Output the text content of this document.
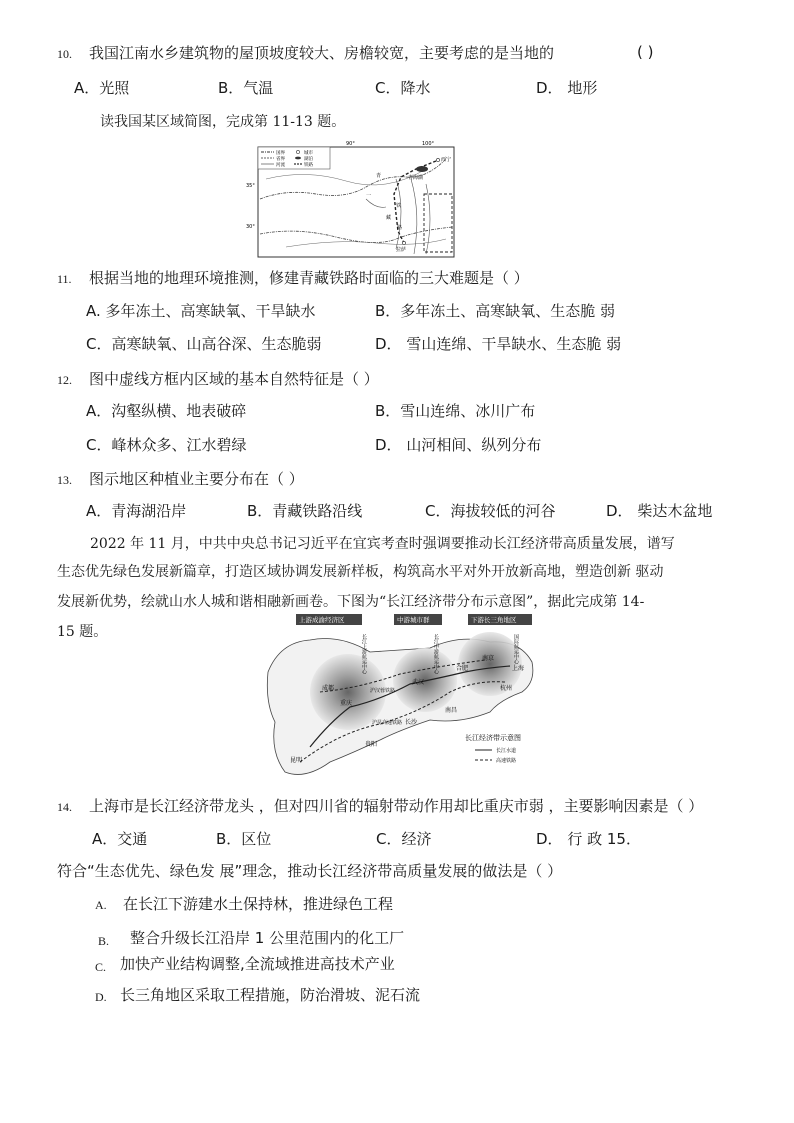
10. 我国江南水乡建筑物的屋顶坡度较大、房檐较宽，主要考虑的是当地的	( )
A．光照	B．气温	C．降水	D． 地形
读我国某区域简图，完成第 11-13 题。
国界
省界
河流
城市
湖泊
铁路
90°	100°
35°
30°
西宁
青海湖
青
一
藏
铁
路
拉萨
11. 根据当地的地理环境推测，修建青藏铁路时面临的三大难题是（ ）
A. 多年冻土、高寒缺氧、干旱缺水	B．多年冻土、高寒缺氧、生态脆 弱
C．高寒缺氧、山高谷深、生态脆弱	D． 雪山连绵、干旱缺水、生态脆 弱
12. 图中虚线方框内区域的基本自然特征是（ ）
A．沟壑纵横、地表破碎	B．雪山连绵、冰川广布
C．峰林众多、江水碧绿	D． 山河相间、纵列分布
13. 图示地区种植业主要分布在（ ）
A．青海湖沿岸	B．青藏铁路沿线	C．海拔较低的河谷	D． 柴达木盆地
2022 年 11 月，中共中央总书记习近平在宜宾考查时强调要推动长江经济带高质量发展，谱写
生态优先绿色发展新篇章，打造区域协调发展新样板，构筑高水平对外开放新高地，塑造创新 驱动
发展新优势，绘就山水人城和谐相融新画卷。下图为“长江经济带分布示意图”，据此完成第 14-
15 题。
上游成渝经济区	中游城市群	下游长三角地区
成都
重庆
武汉
长沙
南昌
合肥
南京
上海
杭州
昆明
贵阳
长江上游航运中心	长江中游航运中心	国际航运中心
沪汉蓉铁路
沪昆高速铁路
长江经济带示意图
长江水道
高速铁路
14. 上海市是长江经济带龙头 ，但对四川省的辐射带动作用却比重庆市弱 ，主要影响因素是（ ）
A．交通	B．区位	C．经济	D． 行 政 15．
符合“生态优先、绿色发 展”理念，推动长江经济带高质量发展的做法是（ ）
A. 在长江下游建水土保持林，推进绿色工程
B. 整合升级长江沿岸 1 公里范围内的化工厂
C. 加快产业结构调整,全流域推进高技术产业
D. 长三角地区采取工程措施，防治滑坡、泥石流
